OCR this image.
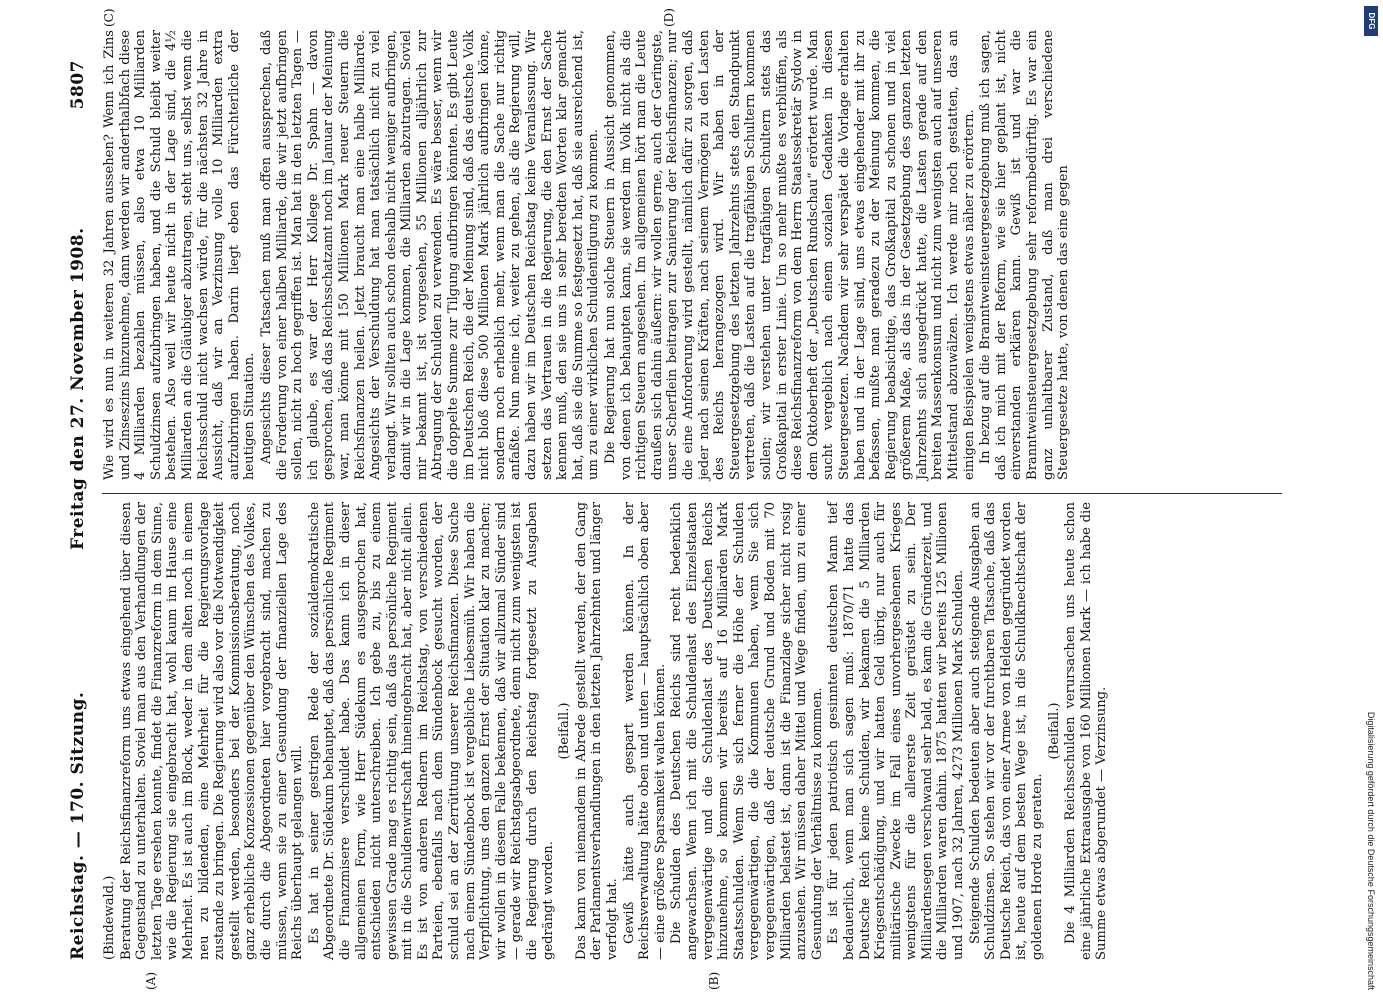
Reichstag. — 170. Sitzung.
Freitag den 27. November 1908.
5807
(A)	(B)

(Bindewald.) Beratung der Reichsfinanzreform uns etwas eingehend über diesen Gegenstand zu unterhalten. Soviel man aus den Verhandlungen der letzten Tage ersehen konnte, findet die Finanzreform in dem Sinne, wie die Regierung sie eingebracht hat, wohl kaum im Hause eine Mehrheit. Es ist auch im Block, weder in dem alten noch in einem neu zu bildenden, eine Mehrheit für die Regierungsvorlage zustande zu bringen. Die Regierung wird also vor die Notwendigkeit gestellt werden, besonders bei der Kommissionsberatung, noch ganz erhebliche Konzessionen gegenüber den Wünschen des Volkes, die durch die Abgeordneten hier vorgebracht sind, machen zu müssen, wenn sie zu einer Gesundung der finanziellen Lage des Reichs überhaupt gelangen will. Es hat in seiner gestrigen Rede der sozialdemokratische Abgeordnete Dr. Südekum behauptet, daß das persönliche Regiment die Finanzmisere verschuldet habe. Das kann ich in dieser allgemeinen Form, wie Herr Südekum es ausgesprochen hat, entschieden nicht unterschreiben. Ich gebe zu, bis zu einem gewissen Grade mag es richtig sein, daß das persönliche Regiment mit in die Schuldenwirtschaft hineingebracht hat, aber nicht allein. Es ist von anderen Rednern im Reichstag, von verschiedenen Parteien, ebenfalls nach dem Sündenbock gesucht worden, der schuld sei an der Zerrüttung unserer Reichsfinanzen. Diese Suche nach einem Sündenbock ist vergebliche Liebesmüh. Wir haben die Verpflichtung, uns den ganzen Ernst der Situation klar zu machen; wir wollen in diesem Falle bekennen, daß wir allzumal Sünder sind — gerade wir Reichstagsabgeordnete, denn nicht zum wenigsten ist die Regierung durch den Reichstag fortgesetzt zu Ausgaben gedrängt worden.

(Beifall.) Das kann von niemandem in Abrede gestellt werden, der den Gang der Parlamentsverhandlungen in den letzten Jahrzehnten und länger verfolgt hat. Gewiß hätte auch gespart werden können. In der Reichsverwaltung hätte oben und unten — hauptsächlich oben aber — eine größere Sparsamkeit walten können. Die Schulden des Deutschen Reichs sind recht bedenklich angewachsen. Wenn ich mit die Schuldenlast des Einzelstaaten vergegenwärtige und die Schuldenlast des Deutschen Reichs hinzunehme, so kommen wir bereits auf 16 Milliarden Mark Staatsschulden. Wenn Sie sich ferner die Höhe der Schulden vergegenwärtigen, die die Kommunen haben, wenn Sie sich vergegenwärtigen, daß der deutsche Grund und Boden mit 70 Milliarden belastet ist, dann ist die Finanzlage sicher nicht rosig anzusehen. Wir müssen daher Mittel und Wege finden, um zu einer Gesundung der Verhältnisse zu kommen. Es ist für jeden patriotisch gesinnten deutschen Mann tief bedauerlich, wenn man sich sagen muß: 1870/71 hatte das Deutsche Reich keine Schulden, wir bekamen die 5 Milliarden Kriegsentschädigung, und wir hatten Geld übrig, nur auch für militärische Zwecke im Fall eines unvorhergesehenen Krieges wenigstens für die allererste Zeit gerüstet zu sein. Der Milliardensegen verschwand sehr bald, es kam die Gründerzeit, und die Milliarden waren dahin. 1875 hatten wir bereits 125 Millionen und 1907, nach 32 Jahren, 4273 Millionen Mark Schulden. Steigende Schulden bedeuten aber auch steigende Ausgaben an Schuldzinsen. So stehen wir vor der furchtbaren Tatsache, daß das Deutsche Reich, das von einer Armee von Helden gegründet worden ist, heute auf dem besten Wege ist, in die Schuldknechtschaft der goldenen Horde zu geraten.

(Beifall.) Die 4 Milliarden Reichsschulden verursachen uns heute schon eine jährliche Extraausgabe von 160 Millionen Mark — ich habe die Summe etwas abgerundet — Verzinsung.

Wie wird es nun in weiteren 32 Jahren aussehen? Wenn ich Zins und Zinseszins hinzunehme, dann werden wir anderthalbfach diese 4 Milliarden bezahlen müssen, also etwa 10 Milliarden Schuldzinsen aufzubringen haben, und die Schuld bleibt weiter bestehen. Also weil wir heute nicht in der Lage sind, die 4½ Milliarden an die Gläubiger abzutragen, steht uns, selbst wenn die Reichsschuld nicht wachsen würde, für die nächsten 32 Jahre in Aussicht, daß wir an Verzinsung volle 10 Milliarden extra aufzubringen haben. Darin liegt eben das Fürchterliche der heutigen Situation. Angesichts dieser Tatsachen muß man offen aussprechen, daß die Forderung von einer halben Milliarde, die wir jetzt aufbringen sollen, nicht zu hoch gegriffen ist. Man hat in den letzten Tagen — ich glaube, es war der Herr Kollege Dr. Spahn — davon gesprochen, daß das Reichsschatzamt noch im Januar der Meinung war, man könne mit 150 Millionen Mark neuer Steuern die Reichsfinanzen heilen. Jetzt braucht man eine halbe Milliarde. Angesichts der Verschuldung hat man tatsächlich nicht zu viel verlangt. Wir sollten auch schon deshalb nicht weniger aufbringen, damit wir in die Lage kommen, die Milliarden abzutragen. Soviel mir bekannt ist, ist vorgesehen, 55 Millionen alljährlich zur Abtragung der Schulden zu verwenden. Es wäre besser, wenn wir die doppelte Summe zur Tilgung aufbringen könnten. Es gibt Leute im Deutschen Reich, die der Meinung sind, daß das deutsche Volk nicht bloß diese 500 Millionen Mark jährlich aufbringen könne, sondern noch erheblich mehr, wenn man die Sache nur richtig anfaßte. Nun meine ich, weiter zu gehen, als die Regierung will, dazu haben wir im Deutschen Reichstag keine Veranlassung. Wir setzen das Vertrauen in die Regierung, die den Ernst der Sache kennen muß, den sie uns in sehr beredten Worten klar gemacht hat, daß sie die Summe so festgesetzt hat, daß sie ausreichend ist, um zu einer wirklichen Schuldentilgung zu kommen. Die Regierung hat nun solche Steuern in Aussicht genommen, von denen ich behaupten kann, sie werden im Volk nicht als die richtigen Steuern angesehen. Im allgemeinen hört man die Leute draußen sich dahin äußern: wir wollen gerne, auch der Geringste, unser Scherflein beitragen zur Sanierung der Reichsfinanzen; nur die eine Anforderung wird gestellt, nämlich dafür zu sorgen, daß jeder nach seinen Kräften, nach seinem Vermögen zu den Lasten des Reichs herangezogen wird. Wir haben in der Steuergesetzgebung des letzten Jahrzehnts stets den Standpunkt vertreten, daß die Lasten auf die tragfähigen Schultern kommen sollen; wir verstehen unter tragfähigen Schultern stets das Großkapital in erster Linie. Um so mehr mußte es verblüffen, als diese Reichsfinanzreform von dem Herrn Staatssekretär Sydow in dem Oktoberheft der „Deutschen Rundschau“ erörtert wurde. Man sucht vergeblich nach einem sozialen Gedanken in diesen Steuergesetzen. Nachdem wir sehr verspätet die Vorlage erhalten haben und in der Lage sind, uns etwas eingehender mit ihr zu befassen, mußte man geradezu zu der Meinung kommen, die Regierung beabsichtige, das Großkapital zu schonen und in viel größerem Maße, als das in der Gesetzgebung des ganzen letzten Jahrzehnts sich ausgedrückt hatte, die Lasten gerade auf den breiten Massenkonsum und nicht zum wenigsten auch auf unseren Mittelstand abzuwälzen. Ich werde mir noch gestatten, das an einigen Beispielen wenigstens etwas näher zu erörtern. In bezug auf die Branntweinsteuergesetzgebung muß ich sagen, daß ich mich mit der Reform, wie sie hier geplant ist, nicht einverstanden erklären kann. Gewiß ist und war die Branntweinsteuergesetzgebung sehr reformbedürftig. Es war ein ganz unhaltbarer Zustand, daß man drei verschiedene Steuergesetze hatte, von denen das eine gegen

(C)	(D)
Digitalisierung gefördert durch die Deutsche Forschungsgemeinschaft
DFG
